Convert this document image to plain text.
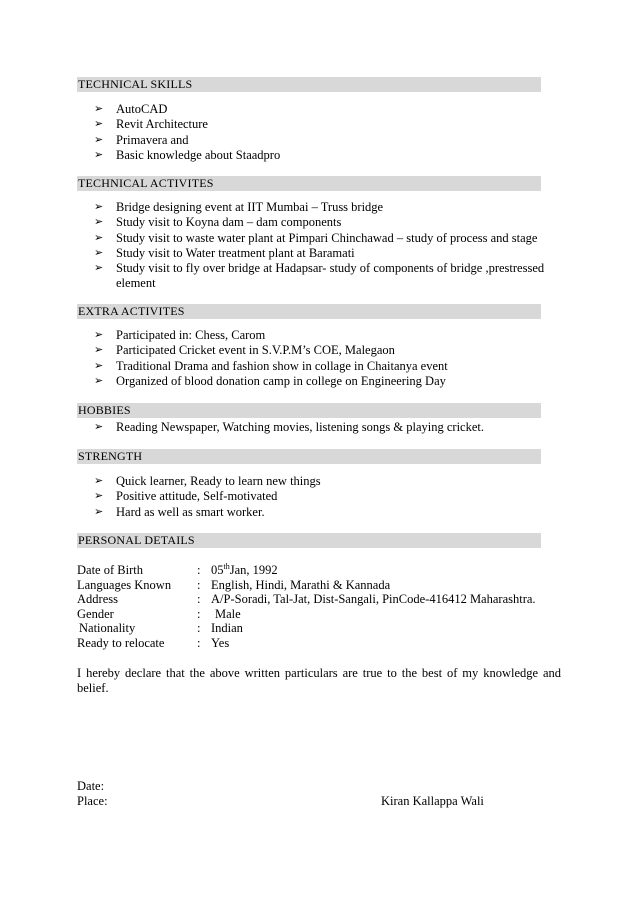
TECHNICAL SKILLS
➢ AutoCAD
➢ Revit Architecture
➢ Primavera and
➢ Basic knowledge about Staadpro
TECHNICAL ACTIVITES
➢ Bridge designing event at IIT Mumbai – Truss bridge
➢ Study visit to Koyna dam – dam components
➢ Study visit to waste water plant at Pimpari Chinchawad – study of process and stage
➢ Study visit to Water treatment plant at Baramati
➢ Study visit to fly over bridge at Hadapsar- study of components of bridge ,prestressed element
EXTRA ACTIVITES
➢ Participated in: Chess, Carom
➢ Participated Cricket event in S.V.P.M’s COE, Malegaon
➢ Traditional Drama and fashion show in collage in Chaitanya event
➢ Organized of blood donation camp in college on Engineering Day
HOBBIES
➢ Reading Newspaper, Watching movies, listening songs & playing cricket.
STRENGTH
➢ Quick learner, Ready to learn new things
➢ Positive attitude, Self-motivated
➢ Hard as well as smart worker.
PERSONAL DETAILS
Date of Birth	: 05thJan, 1992
Languages Known : English, Hindi, Marathi & Kannada
Address	: A/P-Soradi, Tal-Jat, Dist-Sangali, PinCode-416412 Maharashtra.
Gender	: Male
Nationality	: Indian
Ready to relocate	: Yes
I hereby declare that the above written particulars are true to the best of my knowledge and belief.
Date:
Place:	Kiran Kallappa Wali
